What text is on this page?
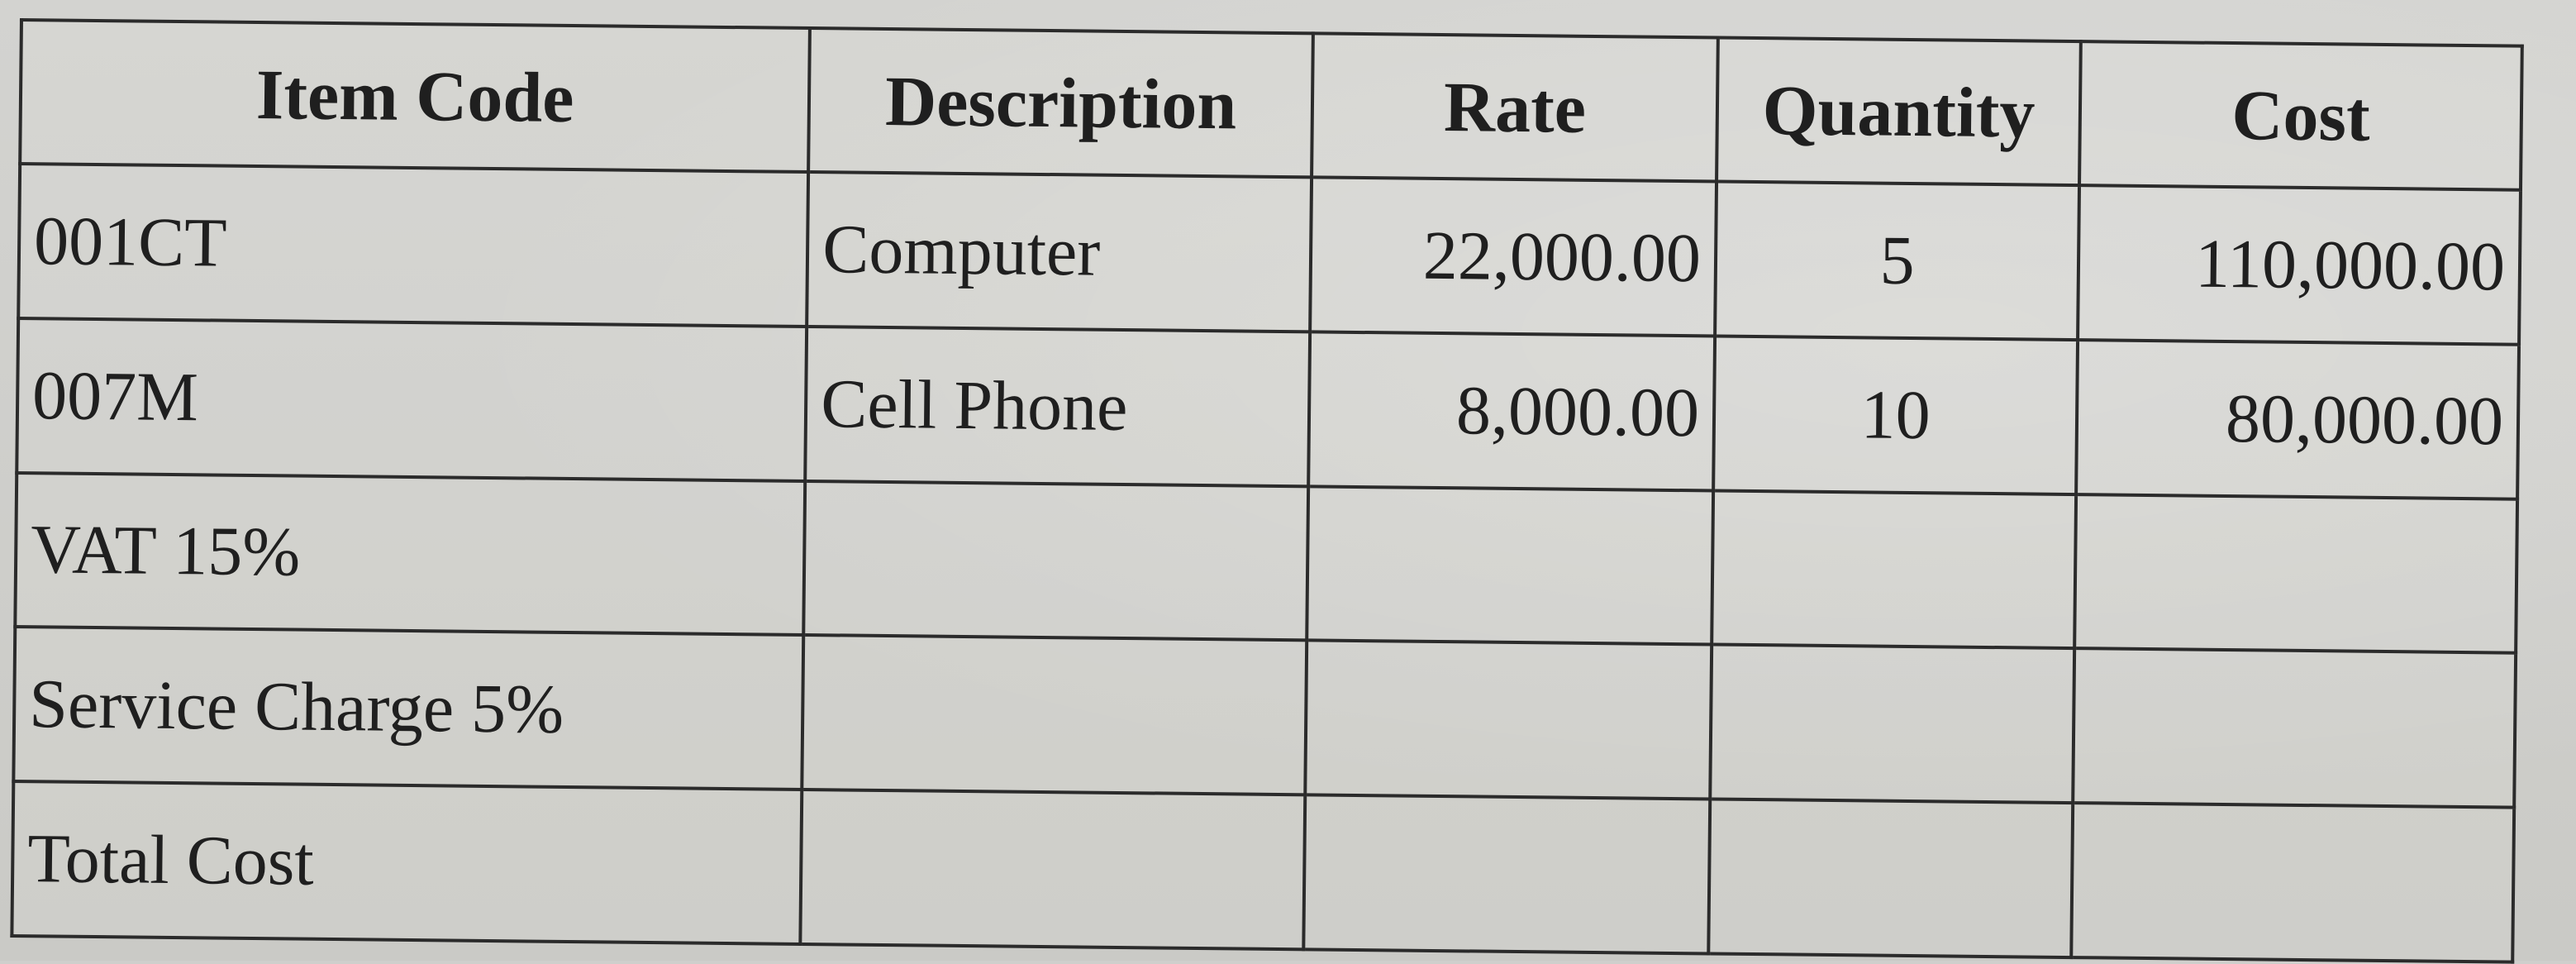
Item Code	Description	Rate	Quantity	Cost
001CT	Computer	22,000.00	5	110,000.00
007M	Cell Phone	8,000.00	10	80,000.00
VAT 15%				
Service Charge 5%				
Total Cost				
